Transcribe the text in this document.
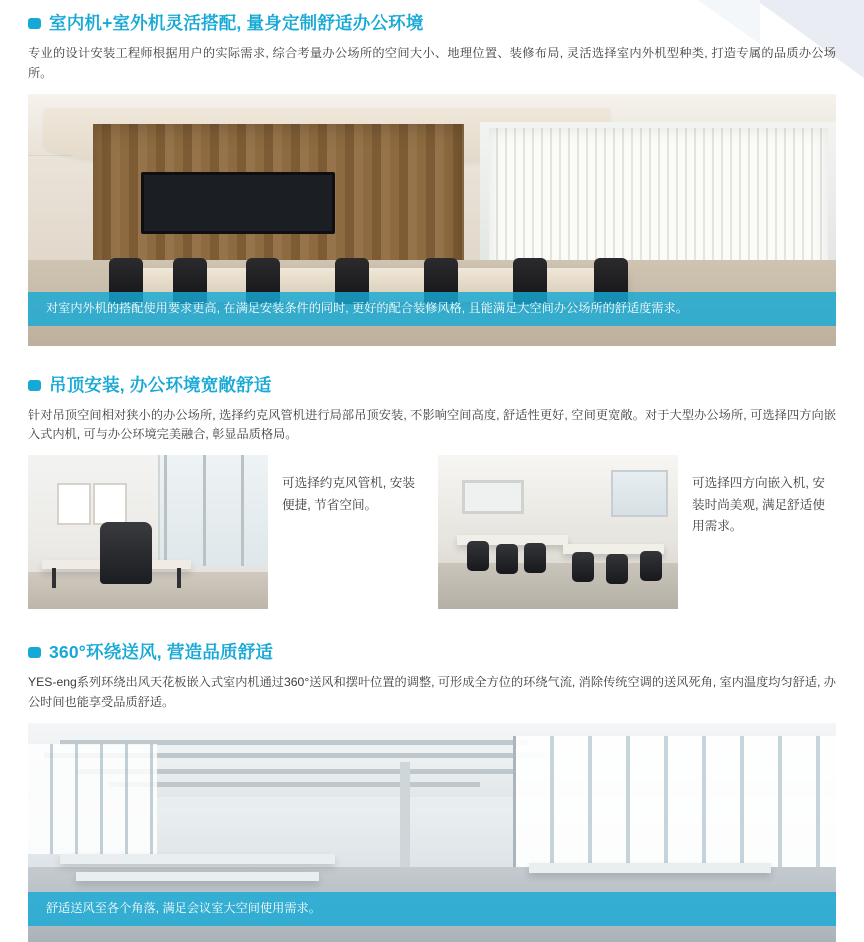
室内机+室外机灵活搭配, 量身定制舒适办公环境

专业的设计安装工程师根据用户的实际需求, 综合考量办公场所的空间大小、地理位置、装修布局, 灵活选择室内外机型种类, 打造专属的品质办公场所。

对室内外机的搭配使用要求更高, 在满足安装条件的同时, 更好的配合装修风格, 且能满足大空间办公场所的舒适度需求。
吊顶安装, 办公环境宽敞舒适

针对吊顶空间相对狭小的办公场所, 选择约克风管机进行局部吊顶安装, 不影响空间高度, 舒适性更好, 空间更宽敞。对于大型办公场所, 可选择四方向嵌入式内机, 可与办公环境完美融合, 彰显品质格局。

可选择约克风管机, 安装便捷, 节省空间。
可选择四方向嵌入机, 安装时尚美观, 满足舒适使用需求。
360°环绕送风, 营造品质舒适

YES-eng系列环绕出风天花板嵌入式室内机通过360°送风和摆叶位置的调整, 可形成全方位的环绕气流, 消除传统空调的送风死角, 室内温度均匀舒适, 办公时间也能享受品质舒适。

舒适送风至各个角落, 满足会议室大空间使用需求。
